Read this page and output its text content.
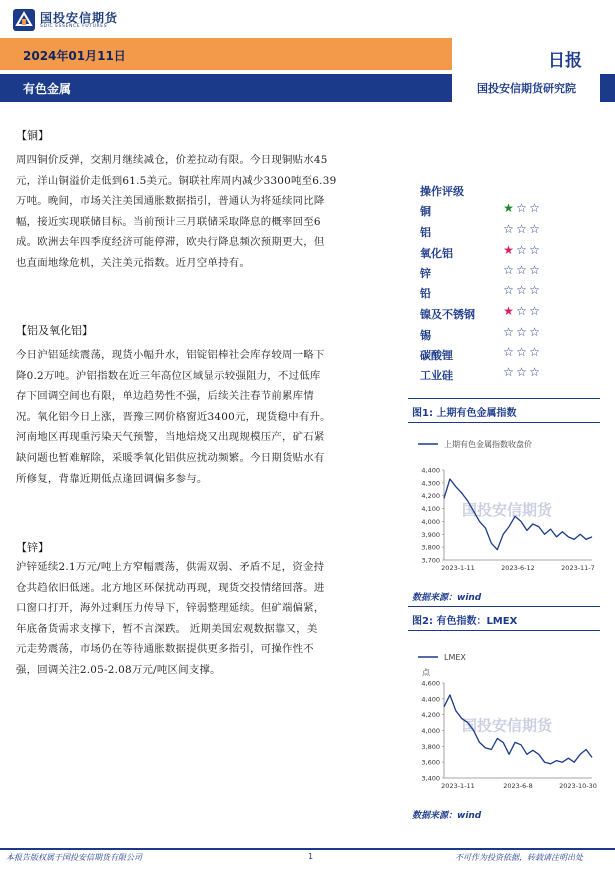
国投安信期货
SDIC ESSENCE FUTURES
2024年01月11日	日报
有色金属	国投安信期货研究院
【铜】
周四铜价反弹，交割月继续减仓，价差拉动有限。今日现铜贴水45
元，洋山铜溢价走低到61.5美元。铜联社库周内减少3300吨至6.39
万吨。晚间，市场关注美国通胀数据指引，普通认为将延续同比降
幅，接近实现联储目标。当前预计三月联储采取降息的概率回至6
成。欧洲去年四季度经济可能停滞，欧央行降息频次预期更大，但
也直面地缘危机，关注美元指数。近月空单持有。
【铝及氧化铝】
今日沪铝延续震荡，现货小幅升水，铝锭铝棒社会库存较周一略下
降0.2万吨。沪铝指数在近三年高位区域显示较强阻力，不过低库
存下回调空间也有限，单边趋势性不强，后续关注春节前累库情
况。氧化铝今日上涨，晋豫三网价格窗近3400元，现货稳中有升。
河南地区再现重污染天气预警，当地焙烧又出现规模压产，矿石紧
缺问题也暂难解除，采暖季氧化铝供应扰动频繁。今日期货贴水有
所修复，背靠近期低点逢回调偏多参与。
【锌】
沪锌延续2.1万元/吨上方窄幅震荡，供需双弱、矛盾不足，资金持
仓共趋依旧低迷。北方地区环保扰动再现，现货交投情绪回落。进
口窗口打开，海外过剩压力传导下，锌弱整理延续。但矿端偏紧，
年底备货需求支撑下，暂不言深跌。 近期美国宏观数据靠又，美
元走势震荡，市场仍在等待通胀数据提供更多指引，可操作性不
强，回调关注2.05-2.08万元/吨区间支撑。
操作评级
铜	★ ☆ ☆
铝	☆ ☆ ☆
氧化铝	★ ☆ ☆
锌	☆ ☆ ☆
铅	☆ ☆ ☆
镍及不锈钢 ★ ☆ ☆
锡	☆ ☆ ☆
碳酸锂	☆ ☆ ☆
工业硅	☆ ☆ ☆
图1: 上期有色金属指数
国投安信期货
上期有色金属指数收盘价
3,700
3,800
3,900
4,000
4,100
4,200
4,300
4,400
2023-1-11	2023-6-12	2023-11-7
数据来源：wind
图2: 有色指数：LMEX
国投安信期货
LMEX
点
3,400
3,600
3,800
4,000
4,200
4,400
4,600
2023-1-11	2023-6-8	2023-10-30
数据来源：wind
本报告版权属于国投安信期货有限公司	1	不可作为投资依据，转载请注明出处
